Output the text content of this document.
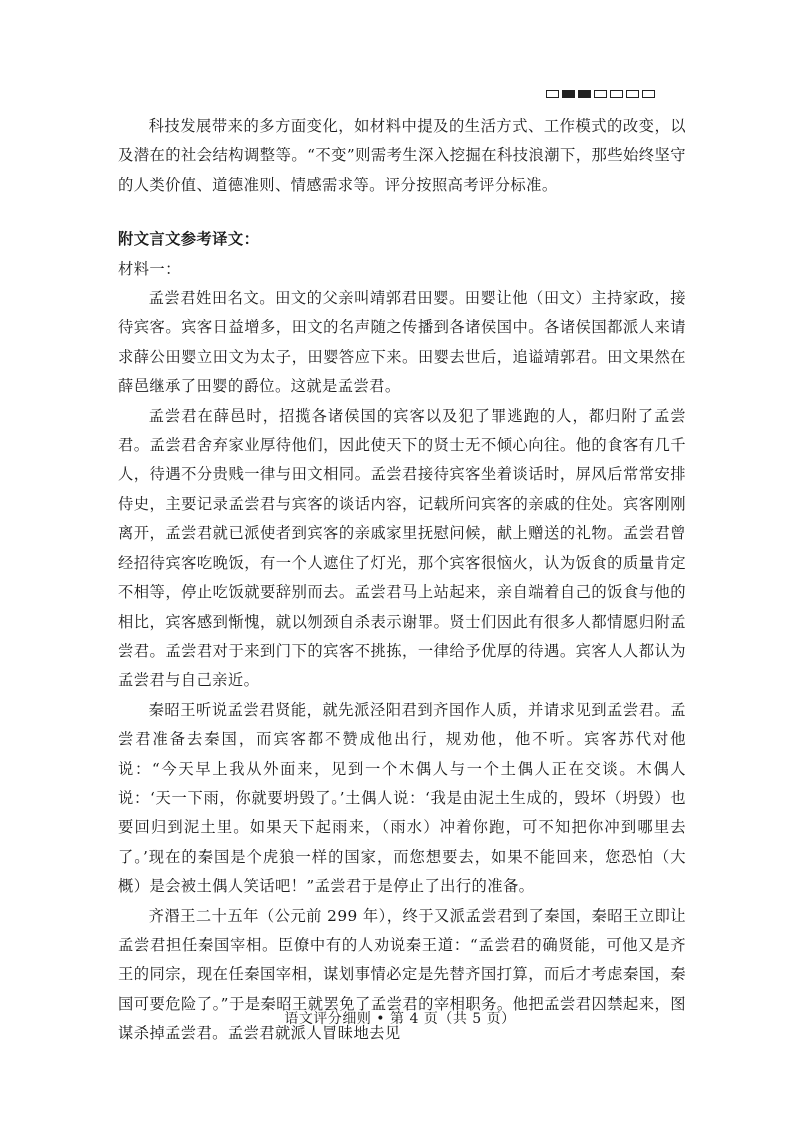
科技发展带来的多方面变化，如材料中提及的生活方式、工作模式的改变，以及潜在的社会结构调整等。“不变”则需考生深入挖掘在科技浪潮下，那些始终坚守的人类价值、道德准则、情感需求等。评分按照高考评分标准。

附文言文参考译文：

材料一：

孟尝君姓田名文。田文的父亲叫靖郭君田婴。田婴让他（田文）主持家政，接待宾客。宾客日益增多，田文的名声随之传播到各诸侯国中。各诸侯国都派人来请求薛公田婴立田文为太子，田婴答应下来。田婴去世后，追谥靖郭君。田文果然在薛邑继承了田婴的爵位。这就是孟尝君。

孟尝君在薛邑时，招揽各诸侯国的宾客以及犯了罪逃跑的人，都归附了孟尝君。孟尝君舍弃家业厚待他们，因此使天下的贤士无不倾心向往。他的食客有几千人，待遇不分贵贱一律与田文相同。孟尝君接待宾客坐着谈话时，屏风后常常安排侍史，主要记录孟尝君与宾客的谈话内容，记载所问宾客的亲戚的住处。宾客刚刚离开，孟尝君就已派使者到宾客的亲戚家里抚慰问候，献上赠送的礼物。孟尝君曾经招待宾客吃晚饭，有一个人遮住了灯光，那个宾客很恼火，认为饭食的质量肯定不相等，停止吃饭就要辞别而去。孟尝君马上站起来，亲自端着自己的饭食与他的相比，宾客感到惭愧，就以刎颈自杀表示谢罪。贤士们因此有很多人都情愿归附孟尝君。孟尝君对于来到门下的宾客不挑拣，一律给予优厚的待遇。宾客人人都认为孟尝君与自己亲近。

秦昭王听说孟尝君贤能，就先派泾阳君到齐国作人质，并请求见到孟尝君。孟尝君准备去秦国，而宾客都不赞成他出行，规劝他，他不听。宾客苏代对他说：“今天早上我从外面来，见到一个木偶人与一个土偶人正在交谈。木偶人说：‘天一下雨，你就要坍毁了。’土偶人说：‘我是由泥土生成的，毁坏（坍毁）也要回归到泥土里。如果天下起雨来，（雨水）冲着你跑，可不知把你冲到哪里去了。’现在的秦国是个虎狼一样的国家，而您想要去，如果不能回来，您恐怕（大概）是会被土偶人笑话吧！”孟尝君于是停止了出行的准备。

齐湣王二十五年（公元前 299 年），终于又派孟尝君到了秦国，秦昭王立即让孟尝君担任秦国宰相。臣僚中有的人劝说秦王道：“孟尝君的确贤能，可他又是齐王的同宗，现在任秦国宰相，谋划事情必定是先替齐国打算，而后才考虑秦国，秦国可要危险了。”于是秦昭王就罢免了孟尝君的宰相职务。他把孟尝君囚禁起来，图谋杀掉孟尝君。孟尝君就派人冒昧地去见

语文评分细则 • 第 4 页（共 5 页）
